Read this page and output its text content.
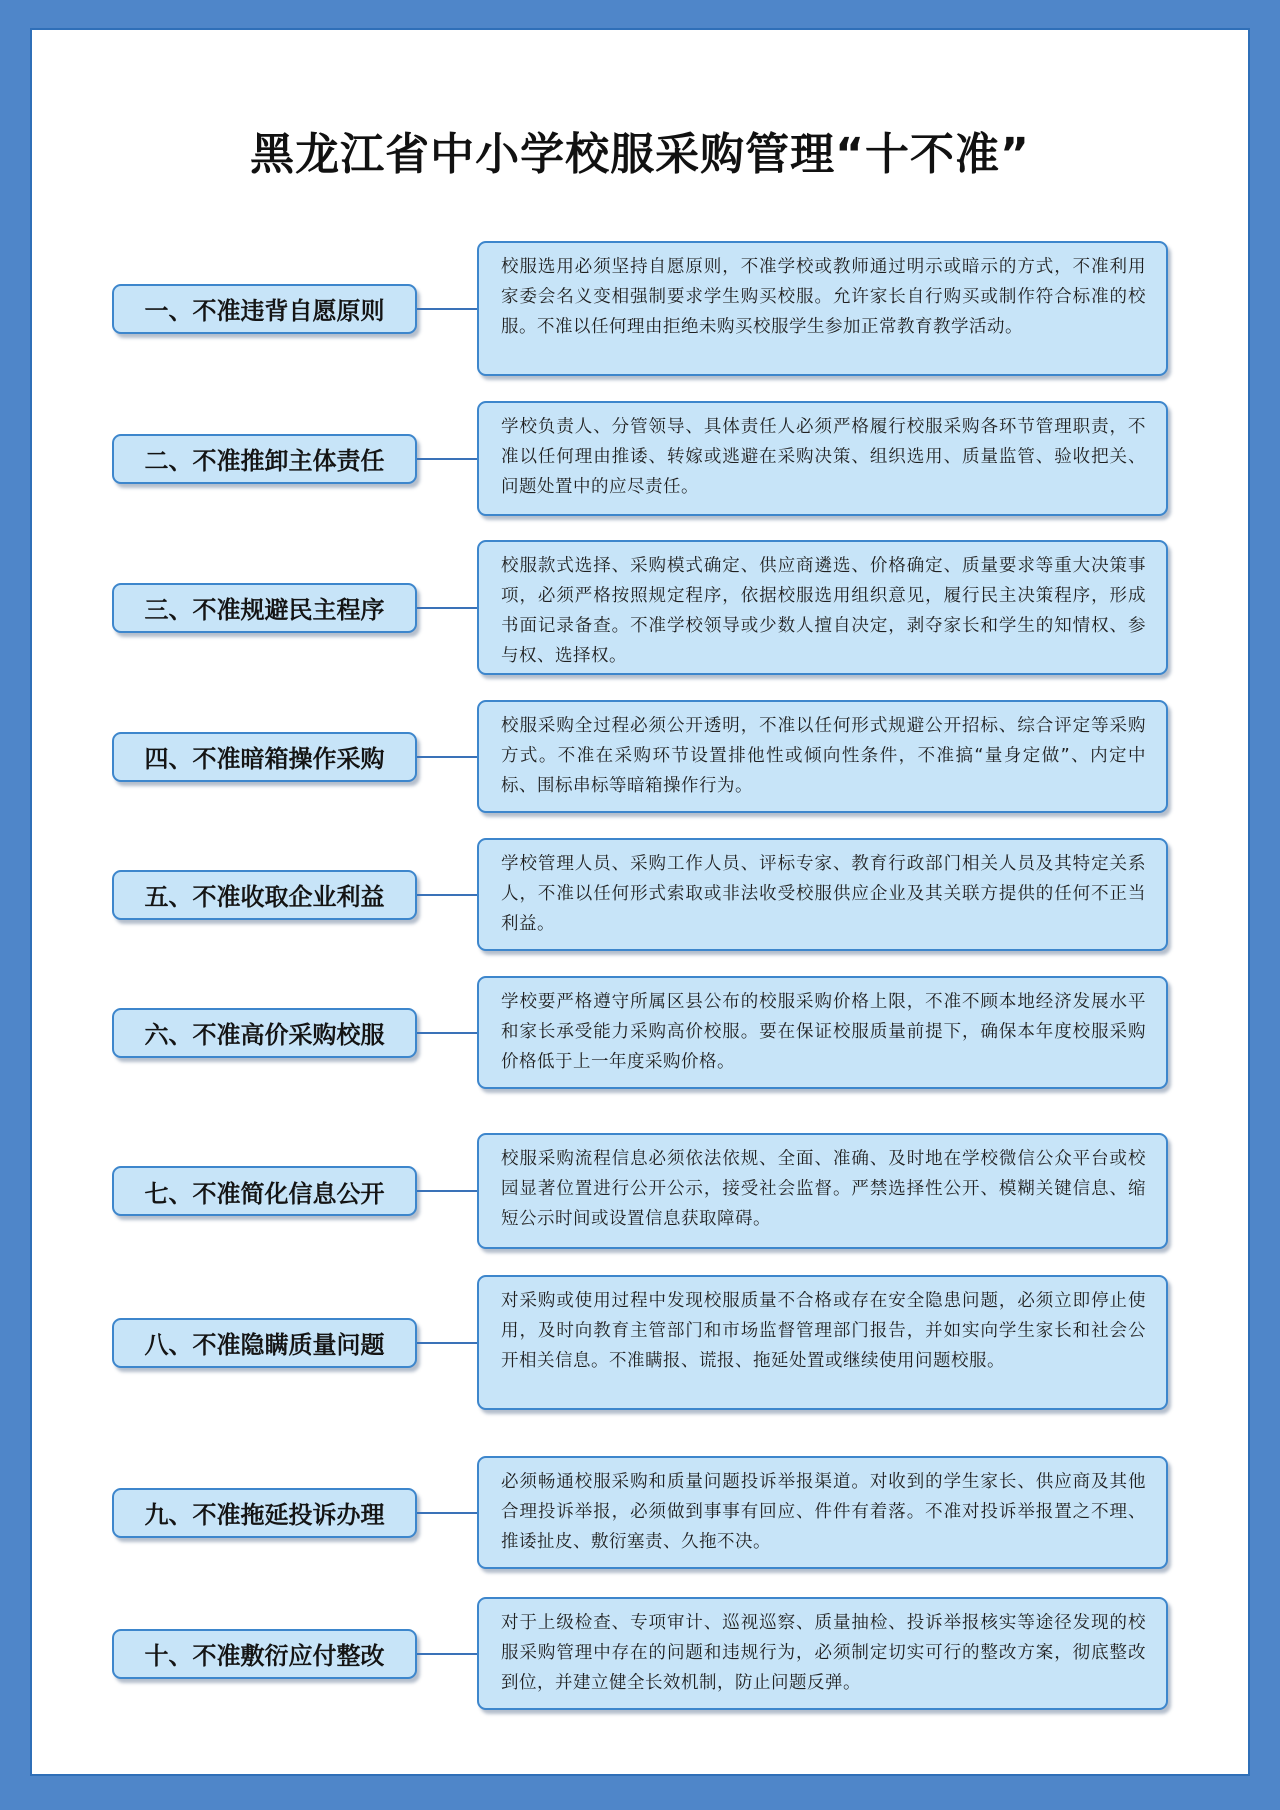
黑龙江省中小学校服采购管理“十不准”
一、不准违背自愿原则
校服选用必须坚持自愿原则，不准学校或教师通过明示或暗示的方式，不准利用家委会名义变相强制要求学生购买校服。允许家长自行购买或制作符合标准的校服。不准以任何理由拒绝未购买校服学生参加正常教育教学活动。
二、不准推卸主体责任
学校负责人、分管领导、具体责任人必须严格履行校服采购各环节管理职责，不准以任何理由推诿、转嫁或逃避在采购决策、组织选用、质量监管、验收把关、问题处置中的应尽责任。
三、不准规避民主程序
校服款式选择、采购模式确定、供应商遴选、价格确定、质量要求等重大决策事项，必须严格按照规定程序，依据校服选用组织意见，履行民主决策程序，形成书面记录备查。不准学校领导或少数人擅自决定，剥夺家长和学生的知情权、参与权、选择权。
四、不准暗箱操作采购
校服采购全过程必须公开透明，不准以任何形式规避公开招标、综合评定等采购方式。不准在采购环节设置排他性或倾向性条件，不准搞“量身定做”、内定中标、围标串标等暗箱操作行为。
五、不准收取企业利益
学校管理人员、采购工作人员、评标专家、教育行政部门相关人员及其特定关系人，不准以任何形式索取或非法收受校服供应企业及其关联方提供的任何不正当利益。
六、不准高价采购校服
学校要严格遵守所属区县公布的校服采购价格上限，不准不顾本地经济发展水平和家长承受能力采购高价校服。要在保证校服质量前提下，确保本年度校服采购价格低于上一年度采购价格。
七、不准简化信息公开
校服采购流程信息必须依法依规、全面、准确、及时地在学校微信公众平台或校园显著位置进行公开公示，接受社会监督。严禁选择性公开、模糊关键信息、缩短公示时间或设置信息获取障碍。
八、不准隐瞒质量问题
对采购或使用过程中发现校服质量不合格或存在安全隐患问题，必须立即停止使用，及时向教育主管部门和市场监督管理部门报告，并如实向学生家长和社会公开相关信息。不准瞒报、谎报、拖延处置或继续使用问题校服。
九、不准拖延投诉办理
必须畅通校服采购和质量问题投诉举报渠道。对收到的学生家长、供应商及其他合理投诉举报，必须做到事事有回应、件件有着落。不准对投诉举报置之不理、推诿扯皮、敷衍塞责、久拖不决。
十、不准敷衍应付整改
对于上级检查、专项审计、巡视巡察、质量抽检、投诉举报核实等途径发现的校服采购管理中存在的问题和违规行为，必须制定切实可行的整改方案，彻底整改到位，并建立健全长效机制，防止问题反弹。
